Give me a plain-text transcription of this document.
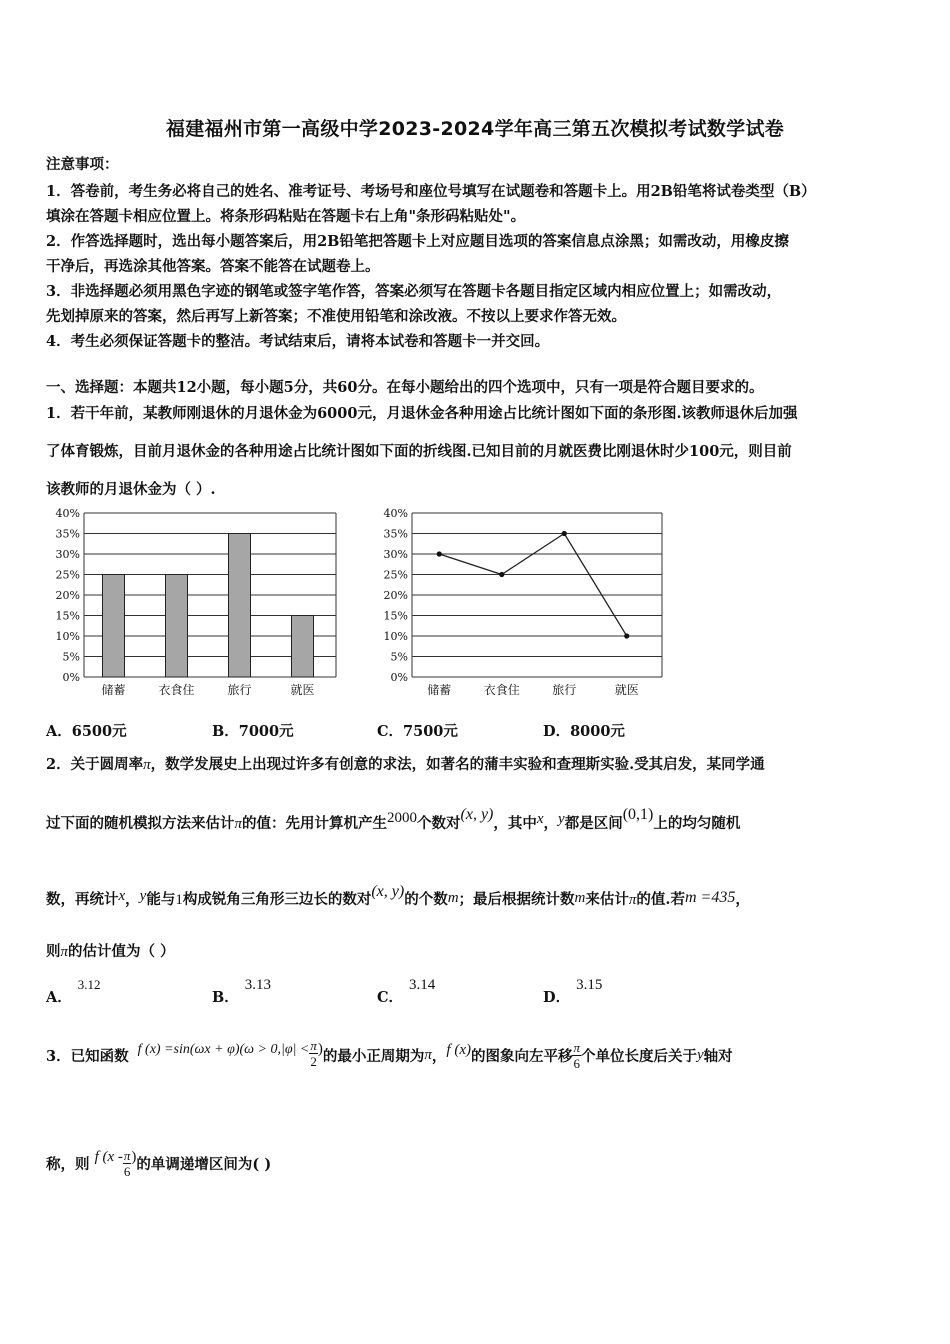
福建福州市第一高级中学2023-2024学年高三第五次模拟考试数学试卷
注意事项：
1．答卷前，考生务必将自己的姓名、准考证号、考场号和座位号填写在试题卷和答题卡上。用2B铅笔将试卷类型（B）
填涂在答题卡相应位置上。将条形码粘贴在答题卡右上角"条形码粘贴处"。
2．作答选择题时，选出每小题答案后，用2B铅笔把答题卡上对应题目选项的答案信息点涂黑；如需改动，用橡皮擦
干净后，再选涂其他答案。答案不能答在试题卷上。
3．非选择题必须用黑色字迹的钢笔或签字笔作答，答案必须写在答题卡各题目指定区域内相应位置上；如需改动，
先划掉原来的答案，然后再写上新答案；不准使用铅笔和涂改液。不按以上要求作答无效。
4．考生必须保证答题卡的整洁。考试结束后，请将本试卷和答题卡一并交回。
一、选择题：本题共12小题，每小题5分，共60分。在每小题给出的四个选项中，只有一项是符合题目要求的。
1．若干年前，某教师刚退休的月退休金为6000元，月退休金各种用途占比统计图如下面的条形图.该教师退休后加强
了体育锻炼，目前月退休金的各种用途占比统计图如下面的折线图.已知目前的月就医费比刚退休时少100元，则目前
该教师的月退休金为（ ）.
0%
5%
10%
15%
20%
25%
30%
35%
40%
储蓄	衣食住	旅行	就医
0%
5%
10%
15%
20%
25%
30%
35%
40%
储蓄	衣食住	旅行	就医
A．6500元	B．7000元	C．7500元	D．8000元
2．关于圆周率π，数学发展史上出现过许多有创意的求法，如著名的蒲丰实验和查理斯实验.受其启发，某同学通
过下面的随机模拟方法来估计π的值：先用计算机产生2000个数对(x, y)，其中x，y都是区间(0,1)上的均匀随机
数，再统计x，y能与1构成锐角三角形三边长的数对(x, y)的个数m；最后根据统计数m来估计π的值.若m =435，
则π的估计值为（ ）
A．3.12
B．3.13
C．3.14
D．3.15
3．已知函数 f $(x) =\sin(\omega x + \varphi)(\omega > 0,|\varphi| < \frac{\pi}{2}$ )的最小正周期为π，f (x)的图象向左平移 $\frac{\pi}{6}$ 个单位长度后关于y轴对
称，则 f ($x - \frac{\pi}{6}$ )的单调递增区间为( )
